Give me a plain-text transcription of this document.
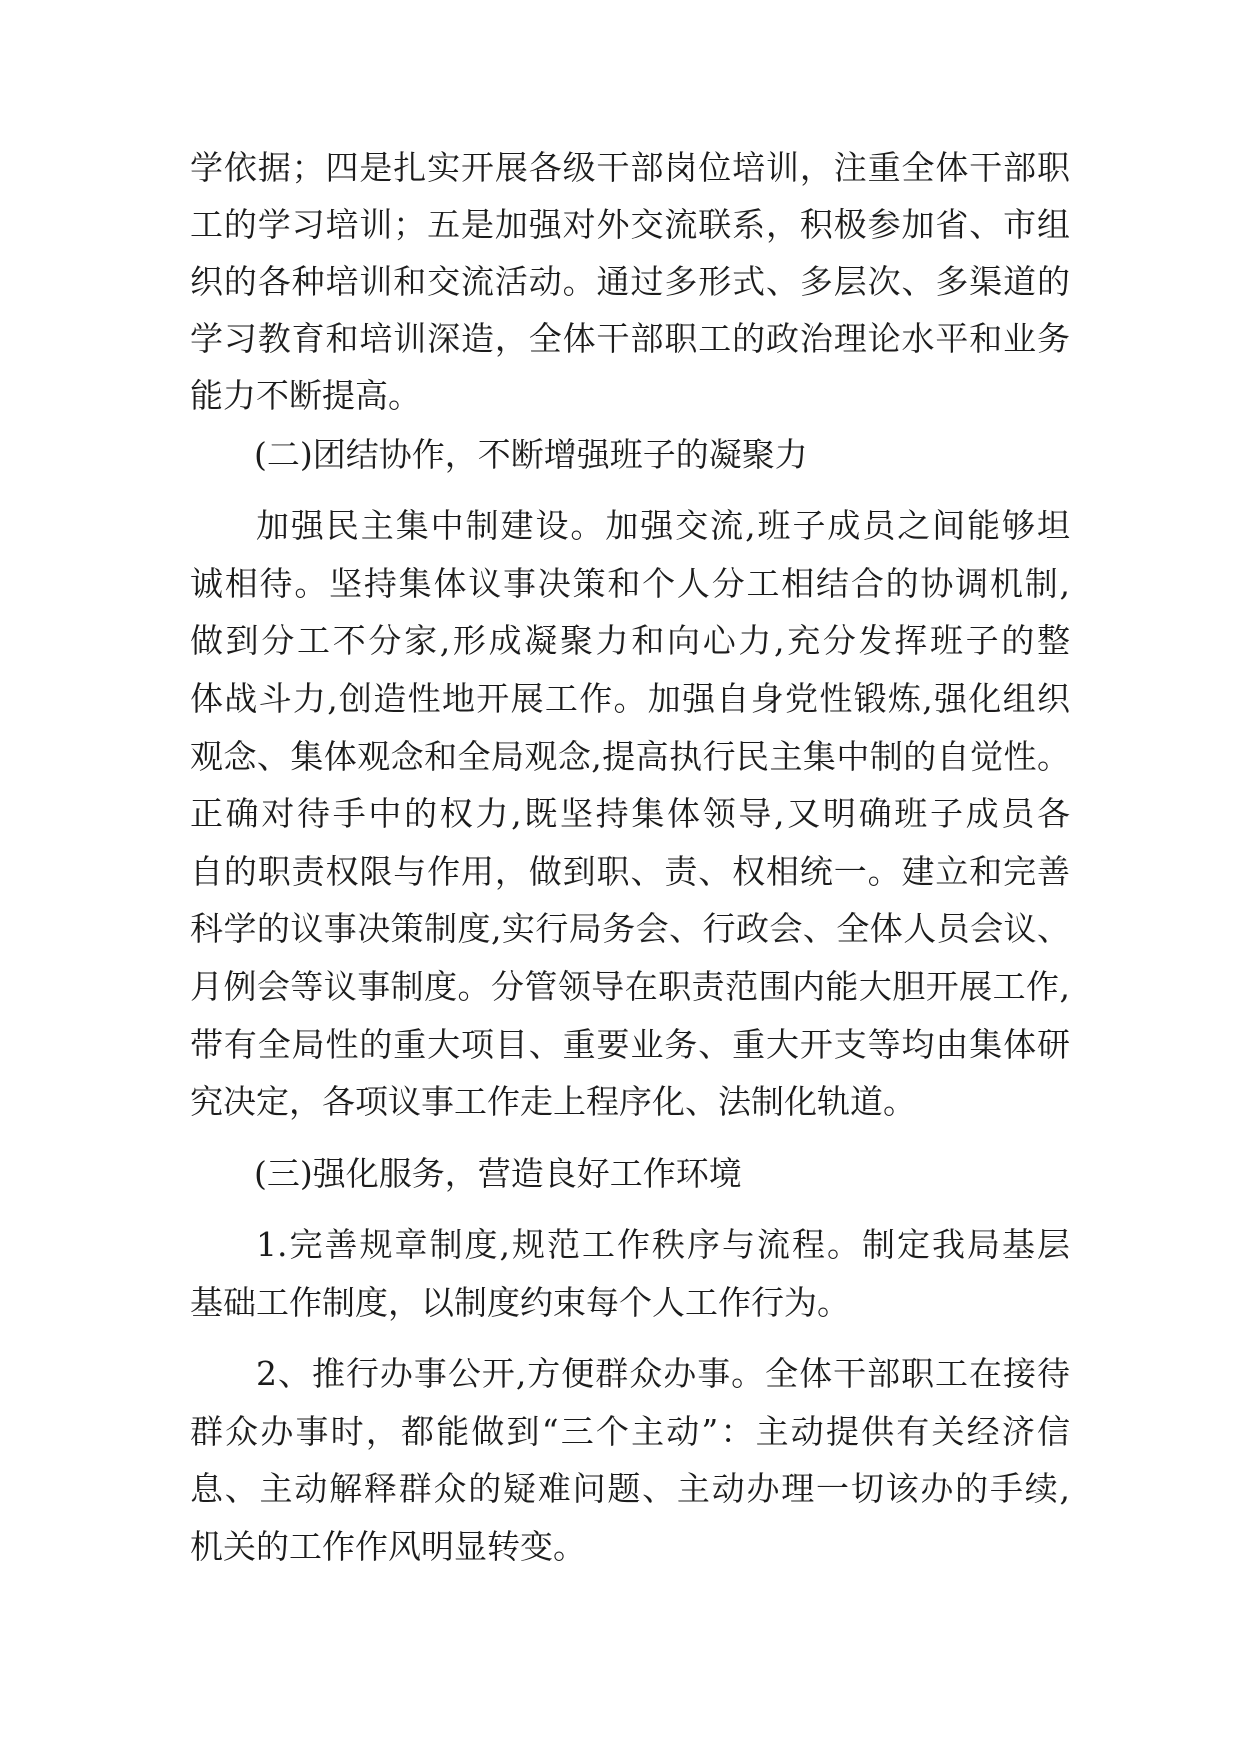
学依据；四是扎实开展各级干部岗位培训，注重全体干部职
工的学习培训；五是加强对外交流联系，积极参加省、市组
织的各种培训和交流活动。通过多形式、多层次、多渠道的
学习教育和培训深造，全体干部职工的政治理论水平和业务
能力不断提高。
(二)团结协作，不断增强班子的凝聚力
加强民主集中制建设。加强交流,班子成员之间能够坦
诚相待。坚持集体议事决策和个人分工相结合的协调机制,
做到分工不分家,形成凝聚力和向心力,充分发挥班子的整
体战斗力,创造性地开展工作。加强自身党性锻炼,强化组织
观念、集体观念和全局观念,提高执行民主集中制的自觉性。
正确对待手中的权力,既坚持集体领导,又明确班子成员各
自的职责权限与作用，做到职、责、权相统一。建立和完善
科学的议事决策制度,实行局务会、行政会、全体人员会议、
月例会等议事制度。分管领导在职责范围内能大胆开展工作,
带有全局性的重大项目、重要业务、重大开支等均由集体研
究决定，各项议事工作走上程序化、法制化轨道。
(三)强化服务，营造良好工作环境
1.完善规章制度,规范工作秩序与流程。制定我局基层
基础工作制度，以制度约束每个人工作行为。
2、推行办事公开,方便群众办事。全体干部职工在接待
群众办事时，都能做到“三个主动”：主动提供有关经济信
息、主动解释群众的疑难问题、主动办理一切该办的手续,
机关的工作作风明显转变。
